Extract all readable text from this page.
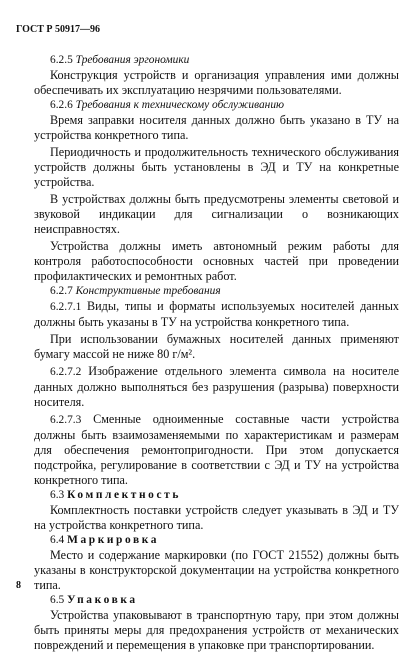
ГОСТ Р 50917—96

6.2.5 Требования эргономики

Конструкция устройств и организация управления ими должны обеспечивать их эксплуатацию незрячими пользователями.

6.2.6 Требования к техническому обслуживанию

Время заправки носителя данных должно быть указано в ТУ на устройства конкретного типа.

Периодичность и продолжительность технического обслуживания устройств должны быть установлены в ЭД и ТУ на конкретные устройства.

В устройствах должны быть предусмотрены элементы световой и звуковой индикации для сигнализации о возникающих неисправностях.

Устройства должны иметь автономный режим работы для контроля работоспособности основных частей при проведении профилактических и ремонтных работ.

6.2.7 Конструктивные требования

6.2.7.1 Виды, типы и форматы используемых носителей данных должны быть указаны в ТУ на устройства конкретного типа.

При использовании бумажных носителей данных применяют бумагу массой не ниже 80 г/м².

6.2.7.2 Изображение отдельного элемента символа на носителе данных должно выполняться без разрушения (разрыва) поверхности носителя.

6.2.7.3 Сменные одноименные составные части устройства должны быть взаимозаменяемыми по характеристикам и размерам для обеспечения ремонтопригодности. При этом допускается подстройка, регулирование в соответствии с ЭД и ТУ на устройства конкретного типа.

6.3 Комплектность

Комплектность поставки устройств следует указывать в ЭД и ТУ на устройства конкретного типа.

6.4 Маркировка

Место и содержание маркировки (по ГОСТ 21552) должны быть указаны в конструкторской документации на устройства конкретного типа.

6.5 Упаковка

Устройства упаковывают в транспортную тару, при этом должны быть приняты меры для предохранения устройств от механических повреждений и перемещения в упаковке при транспортировании.

8
